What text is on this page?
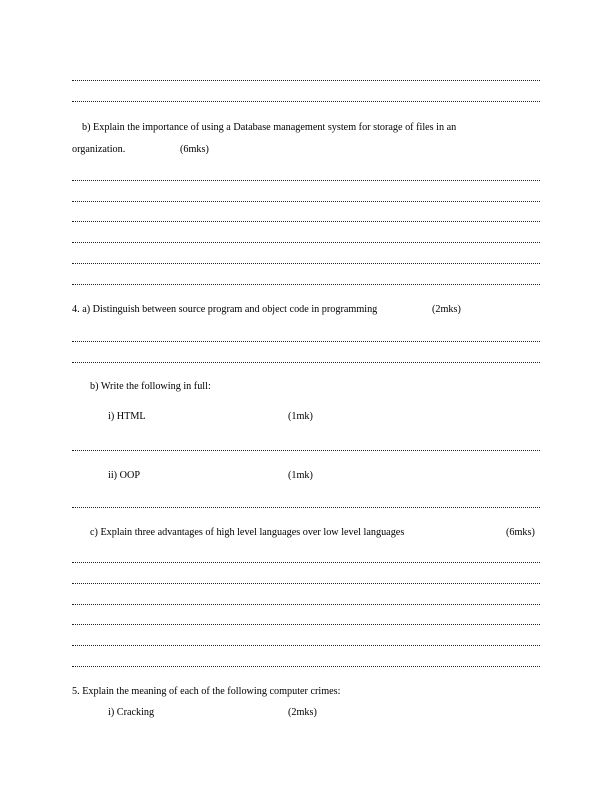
b) Explain the importance of using a Database management system for storage of files in an
organization.	(6mks)
4. a) Distinguish between source program and object code in programming	(2mks)
b) Write the following in full:
i) HTML	(1mk)
ii) OOP	(1mk)
c) Explain three advantages of high level languages over low level languages	(6mks)
5. Explain the meaning of each of the following computer crimes:
i) Cracking	(2mks)
